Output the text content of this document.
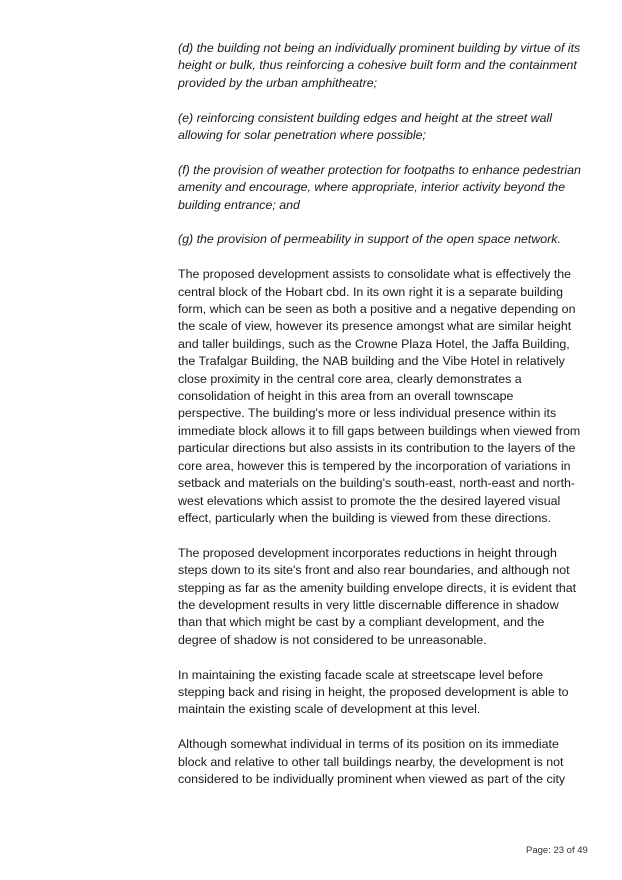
(d) the building not being an individually prominent building by virtue of its height or bulk, thus reinforcing a cohesive built form and the containment provided by the urban amphitheatre;

(e) reinforcing consistent building edges and height at the street wall allowing for solar penetration where possible;

(f) the provision of weather protection for footpaths to enhance pedestrian amenity and encourage, where appropriate, interior activity beyond the building entrance; and

(g) the provision of permeability in support of the open space network.

The proposed development assists to consolidate what is effectively the central block of the Hobart cbd. In its own right it is a separate building form, which can be seen as both a positive and a negative depending on the scale of view, however its presence amongst what are similar height and taller buildings, such as the Crowne Plaza Hotel, the Jaffa Building, the Trafalgar Building, the NAB building and the Vibe Hotel in relatively close proximity in the central core area, clearly demonstrates a consolidation of height in this area from an overall townscape perspective. The building's more or less individual presence within its immediate block allows it to fill gaps between buildings when viewed from particular directions but also assists in its contribution to the layers of the core area, however this is tempered by the incorporation of variations in setback and materials on the building's south-east, north-east and north-west elevations which assist to promote the the desired layered visual effect, particularly when the building is viewed from these directions.

The proposed development incorporates reductions in height through steps down to its site's front and also rear boundaries, and although not stepping as far as the amenity building envelope directs, it is evident that the development results in very little discernable difference in shadow than that which might be cast by a compliant development, and the degree of shadow is not considered to be unreasonable.

In maintaining the existing facade scale at streetscape level before stepping back and rising in height, the proposed development is able to maintain the existing scale of development at this level.

Although somewhat individual in terms of its position on its immediate block and relative to other tall buildings nearby, the development is not considered to be individually prominent when viewed as part of the city

Page: 23 of 49
